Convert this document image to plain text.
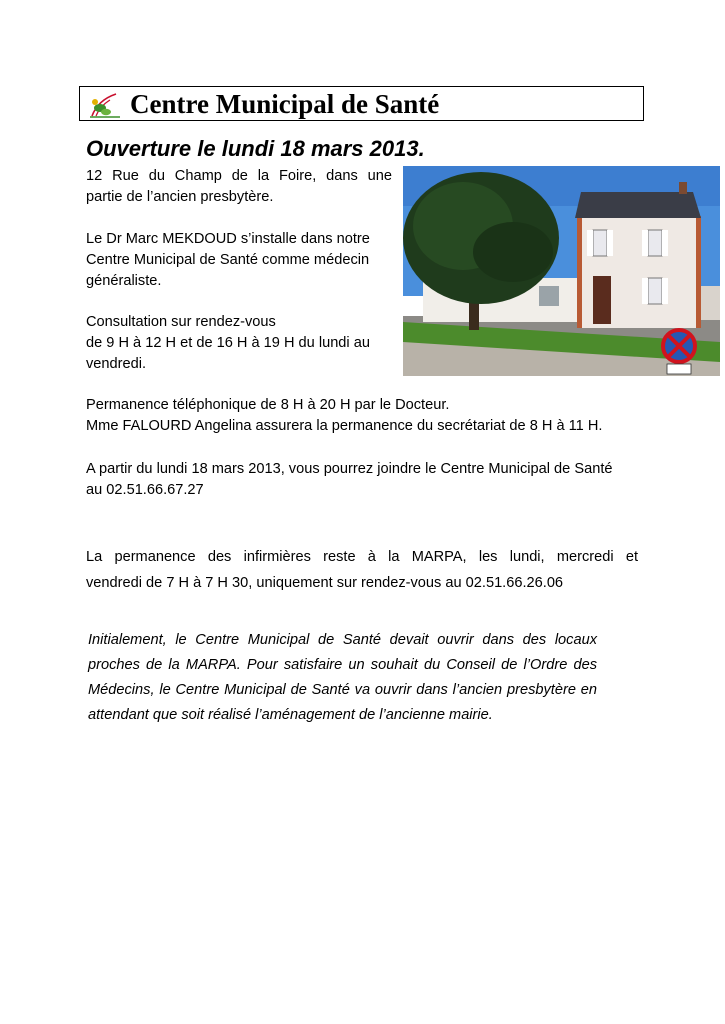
Centre Municipal de Santé
Ouverture le lundi 18 mars 2013.
12 Rue du Champ de la Foire, dans une
partie de l’ancien presbytère.
Le Dr Marc MEKDOUD s’installe dans notre
Centre Municipal de Santé comme médecin
généraliste.
Consultation sur rendez-vous
de 9 H à 12 H et de 16 H à 19 H du lundi au
vendredi.
Permanence téléphonique de 8 H à 20 H par le Docteur.
Mme FALOURD Angelina assurera la permanence du secrétariat de 8 H à 11 H.
A partir du lundi 18 mars 2013, vous pourrez joindre le Centre Municipal de Santé
au 02.51.66.67.27
La permanence des infirmières reste à la MARPA, les lundi, mercredi et
vendredi de 7 H à 7 H 30, uniquement sur rendez-vous au 02.51.66.26.06
Initialement, le Centre Municipal de Santé devait ouvrir dans des locaux proches de la MARPA. Pour satisfaire un souhait du Conseil de l’Ordre des Médecins, le Centre Municipal de Santé va ouvrir dans l’ancien presbytère en attendant que soit réalisé l’aménagement de l’ancienne mairie.
